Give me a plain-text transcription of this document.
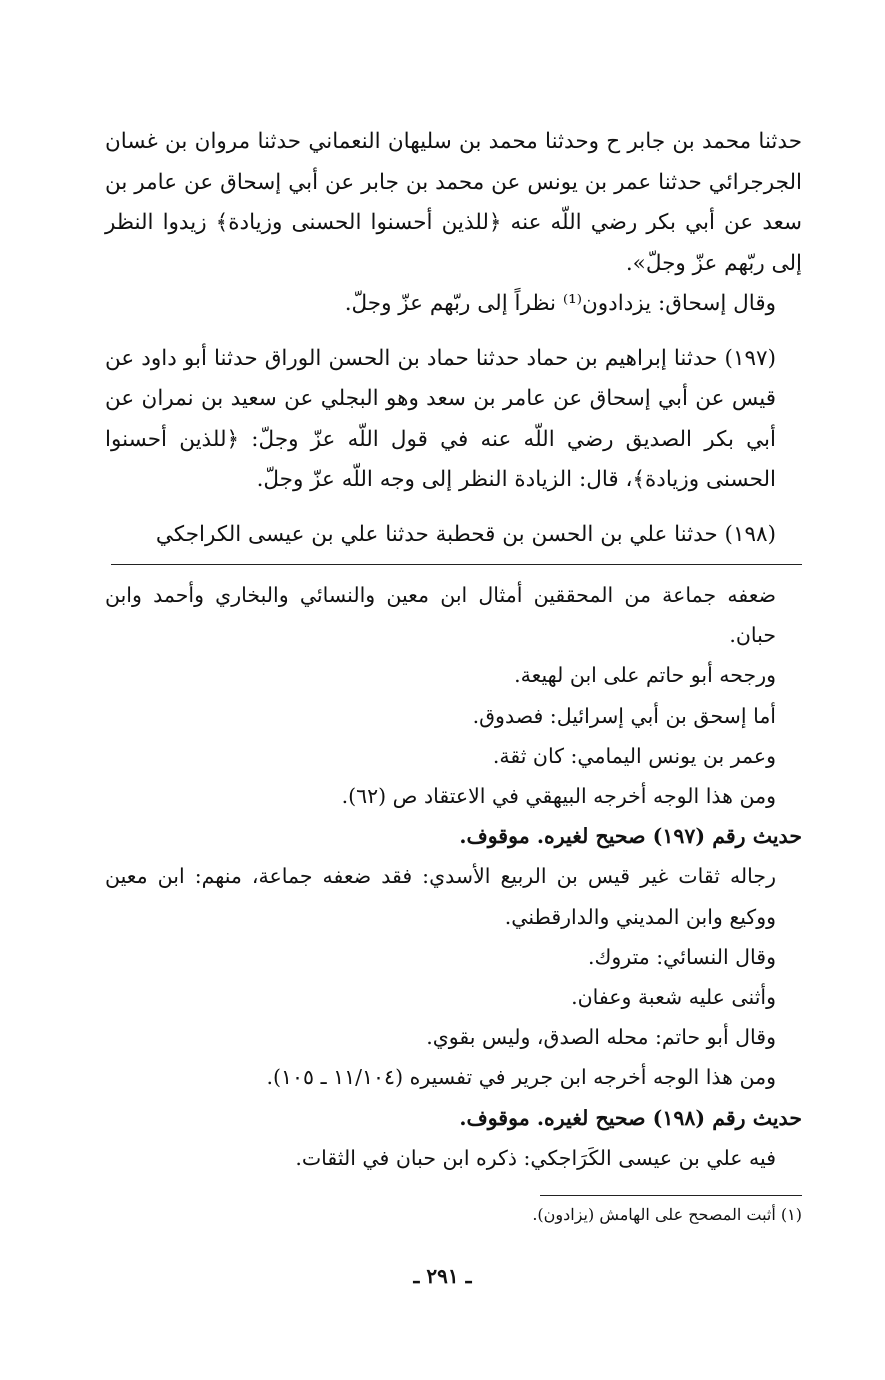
حدثنا محمد بن جابر ح وحدثنا محمد بن سليهان النعماني حدثنا مروان بن غسان الجرجرائي حدثنا عمر بن يونس عن محمد بن جابر عن أبي إسحاق عن عامر بن سعد عن أبي بكر رضي اللّه عنه ﴿للذين أحسنوا الحسنى وزيادة﴾ زيدوا النظر إلى ربّهم عزّ وجلّ».

وقال إسحاق: يزدادون⁽¹⁾ نظراً إلى ربّهم عزّ وجلّ.

(١٩٧) حدثنا إبراهيم بن حماد حدثنا حماد بن الحسن الوراق حدثنا أبو داود عن قيس عن أبي إسحاق عن عامر بن سعد وهو البجلي عن سعيد بن نمران عن أبي بكر الصديق رضي اللّه عنه في قول اللّه عزّ وجلّ: ﴿للذين أحسنوا الحسنى وزيادة﴾، قال: الزيادة النظر إلى وجه اللّه عزّ وجلّ.

(١٩٨) حدثنا علي بن الحسن بن قحطبة حدثنا علي بن عيسى الكراجكي

ضعفه جماعة من المحققين أمثال ابن معين والنسائي والبخاري وأحمد وابن حبان.

ورجحه أبو حاتم على ابن لهيعة.

أما إسحق بن أبي إسرائيل: فصدوق.

وعمر بن يونس اليمامي: كان ثقة.

ومن هذا الوجه أخرجه البيهقي في الاعتقاد ص (٦٢).

حديث رقم (١٩٧) صحيح لغيره. موقوف.

رجاله ثقات غير قيس بن الربيع الأسدي: فقد ضعفه جماعة، منهم: ابن معين ووكيع وابن المديني والدارقطني.

وقال النسائي: متروك.

وأثنى عليه شعبة وعفان.

وقال أبو حاتم: محله الصدق، وليس بقوي.

ومن هذا الوجه أخرجه ابن جرير في تفسيره (١١/١٠٤ ـ ١٠٥).

حديث رقم (١٩٨) صحيح لغيره. موقوف.

فيه علي بن عيسى الكَرَاجكي: ذكره ابن حبان في الثقات.

(١) أثبت المصحح على الهامش (يزادون).
ـ ٢٩١ ـ
